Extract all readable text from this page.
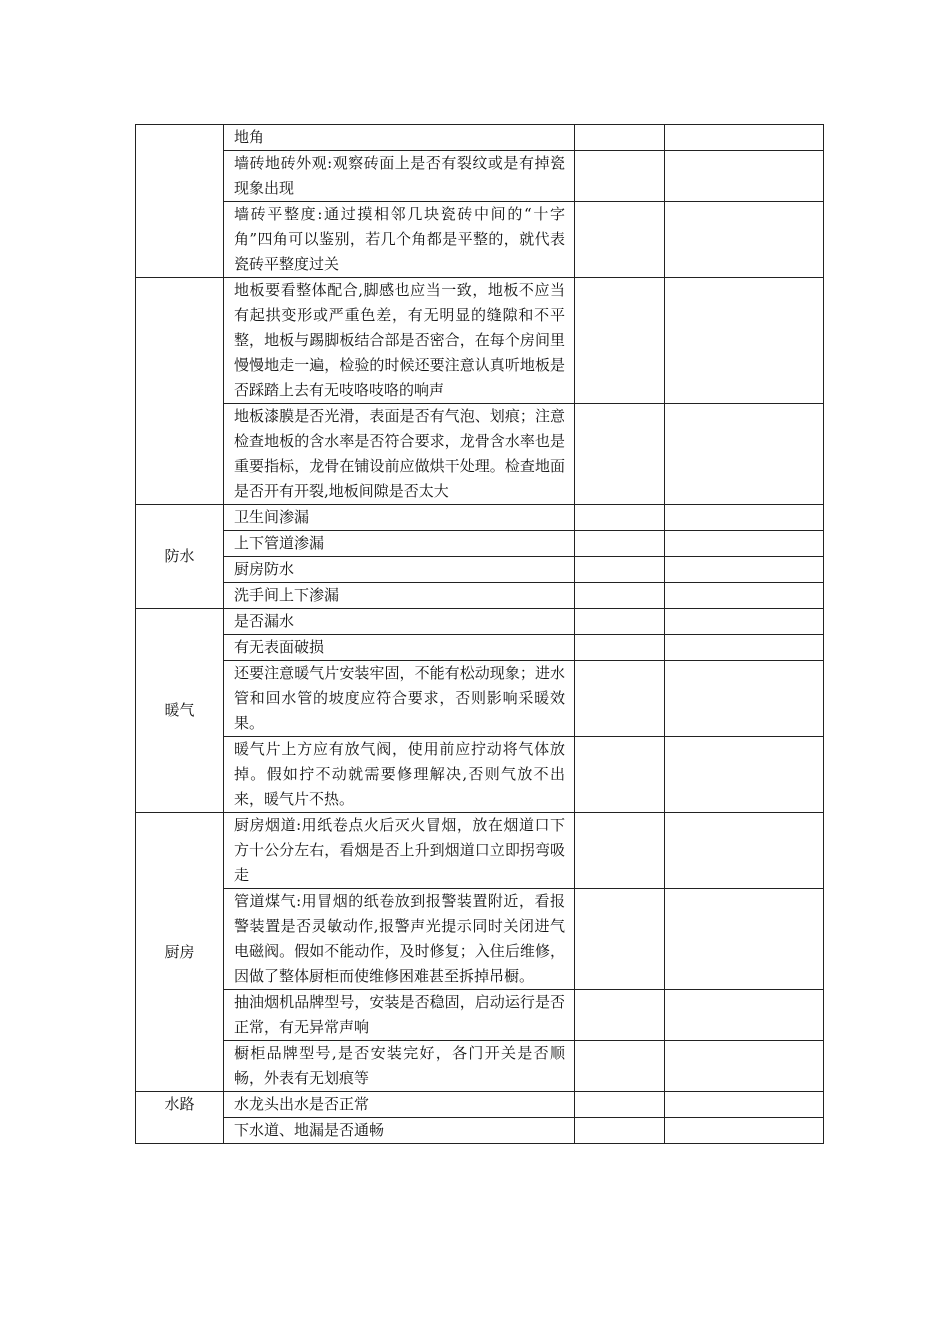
	地角		
	墙砖地砖外观:观察砖面上是否有裂纹或是有掉瓷现象出现		
	墙砖平整度:通过摸相邻几块瓷砖中间的“十字角”四角可以鉴别，若几个角都是平整的，就代表瓷砖平整度过关		
	地板要看整体配合,脚感也应当一致，地板不应当有起拱变形或严重色差，有无明显的缝隙和不平整，地板与踢脚板结合部是否密合，在每个房间里慢慢地走一遍，检验的时候还要注意认真听地板是否踩踏上去有无吱咯吱咯的响声		
	地板漆膜是否光滑，表面是否有气泡、划痕；注意检查地板的含水率是否符合要求，龙骨含水率也是重要指标，龙骨在铺设前应做烘干处理。检查地面是否开有开裂,地板间隙是否太大		
防水	卫生间渗漏		
	上下管道渗漏		
	厨房防水		
	洗手间上下渗漏		
暖气	是否漏水		
	有无表面破损		
	还要注意暖气片安装牢固，不能有松动现象；进水管和回水管的坡度应符合要求，否则影响采暖效果。		
	暖气片上方应有放气阀，使用前应拧动将气体放掉。假如拧不动就需要修理解决,否则气放不出来，暖气片不热。		
厨房	厨房烟道:用纸卷点火后灭火冒烟，放在烟道口下方十公分左右，看烟是否上升到烟道口立即拐弯吸走		
	管道煤气:用冒烟的纸卷放到报警装置附近，看报警装置是否灵敏动作,报警声光提示同时关闭进气电磁阀。假如不能动作，及时修复；入住后维修，因做了整体厨柜而使维修困难甚至拆掉吊橱。		
	抽油烟机品牌型号，安装是否稳固，启动运行是否正常，有无异常声响		
	橱柜品牌型号,是否安装完好，各门开关是否顺畅，外表有无划痕等		
水路	水龙头出水是否正常		
	下水道、地漏是否通畅		
